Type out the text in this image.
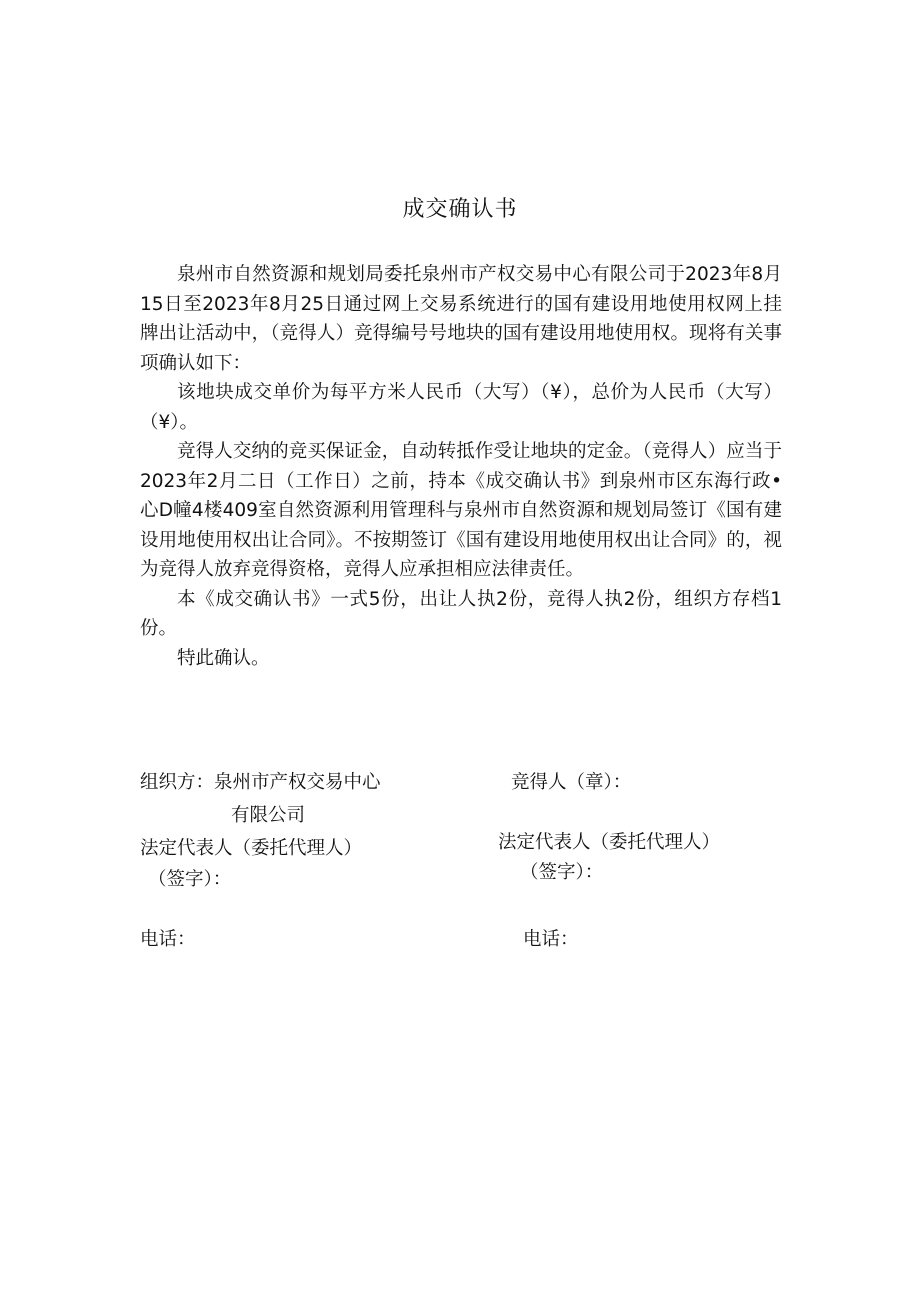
成交确认书

泉州市自然资源和规划局委托泉州市产权交易中心有限公司于2023年8月15日至2023年8月25日通过网上交易系统进行的国有建设用地使用权网上挂牌出让活动中，（竞得人）竞得编号号地块的国有建设用地使用权。现将有关事项确认如下：

该地块成交单价为每平方米人民币（大写）（¥），总价为人民币（大写）（¥）。

竞得人交纳的竞买保证金，自动转抵作受让地块的定金。（竞得人）应当于2023年2月二日（工作日）之前，持本《成交确认书》到泉州市区东海行政•心D幢4楼409室自然资源利用管理科与泉州市自然资源和规划局签订《国有建设用地使用权出让合同》。不按期签订《国有建设用地使用权出让合同》的，视为竞得人放弃竞得资格，竞得人应承担相应法律责任。

本《成交确认书》一式5份，出让人执2份，竞得人执2份，组织方存档1份。

特此确认。

组织方：泉州市产权交易中心
有限公司
法定代表人（委托代理人）
（签字）：
电话：
竞得人（章）：
法定代表人（委托代理人）
（签字）：
电话：
